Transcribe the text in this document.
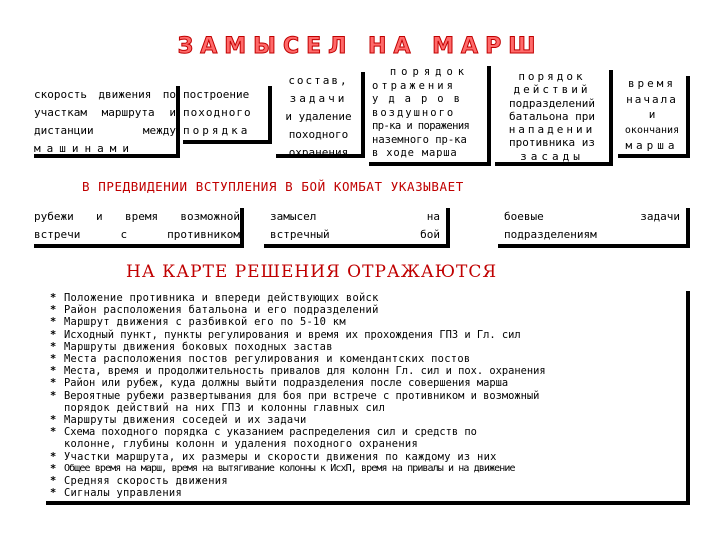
ЗАМЫСЕЛ НА МАРШ
скорость движения по
участкам маршрута и
дистанции между
машинами
построение
походного
порядка
состав,
задачи
и удаление
походного
охранения
порядок
отражения
ударов
воздушного
пр-ка и поражения
наземного пр-ка
в ходе марша
порядок
действий
подразделений
батальона при
нападении
противника из
засады
время
начала
и
окончания
марша
В ПРЕДВИДЕНИИ ВСТУПЛЕНИЯ В БОЙ КОМБАТ УКАЗЫВАЕТ
рубежи и время возможной
встречи с противником
замысел на
встречный бой
боевые задачи
подразделениям
НА КАРТЕ РЕШЕНИЯ ОТРАЖАЮТСЯ
* Положение противника и впереди действующих войск
* Район расположения батальона и его подразделений
* Маршрут движения с разбивкой его по 5-10 км
* Исходный пункт, пункты регулирования и время их прохождения ГПЗ и Гл. сил
* Маршруты движения боковых походных застав
* Места расположения постов регулирования и комендантских постов
* Места, время и продолжительность привалов для колонн Гл. сил и пох. охранения
* Район или рубеж, куда должны выйти подразделения после совершения марша
* Вероятные рубежи развертывания для боя при встрече с противником и возможный
порядок действий на них ГПЗ и колонны главных сил
* Маршруты движения соседей и их задачи
* Схема походного порядка с указанием распределения сил и средств по
колонне, глубины колонн и удаления походного охранения
* Участки маршрута, их размеры и скорости движения по каждому из них
* Общее время на марш, время на вытягивание колонны к ИсхП, время на привалы и на движение
* Средняя скорость движения
* Сигналы управления
